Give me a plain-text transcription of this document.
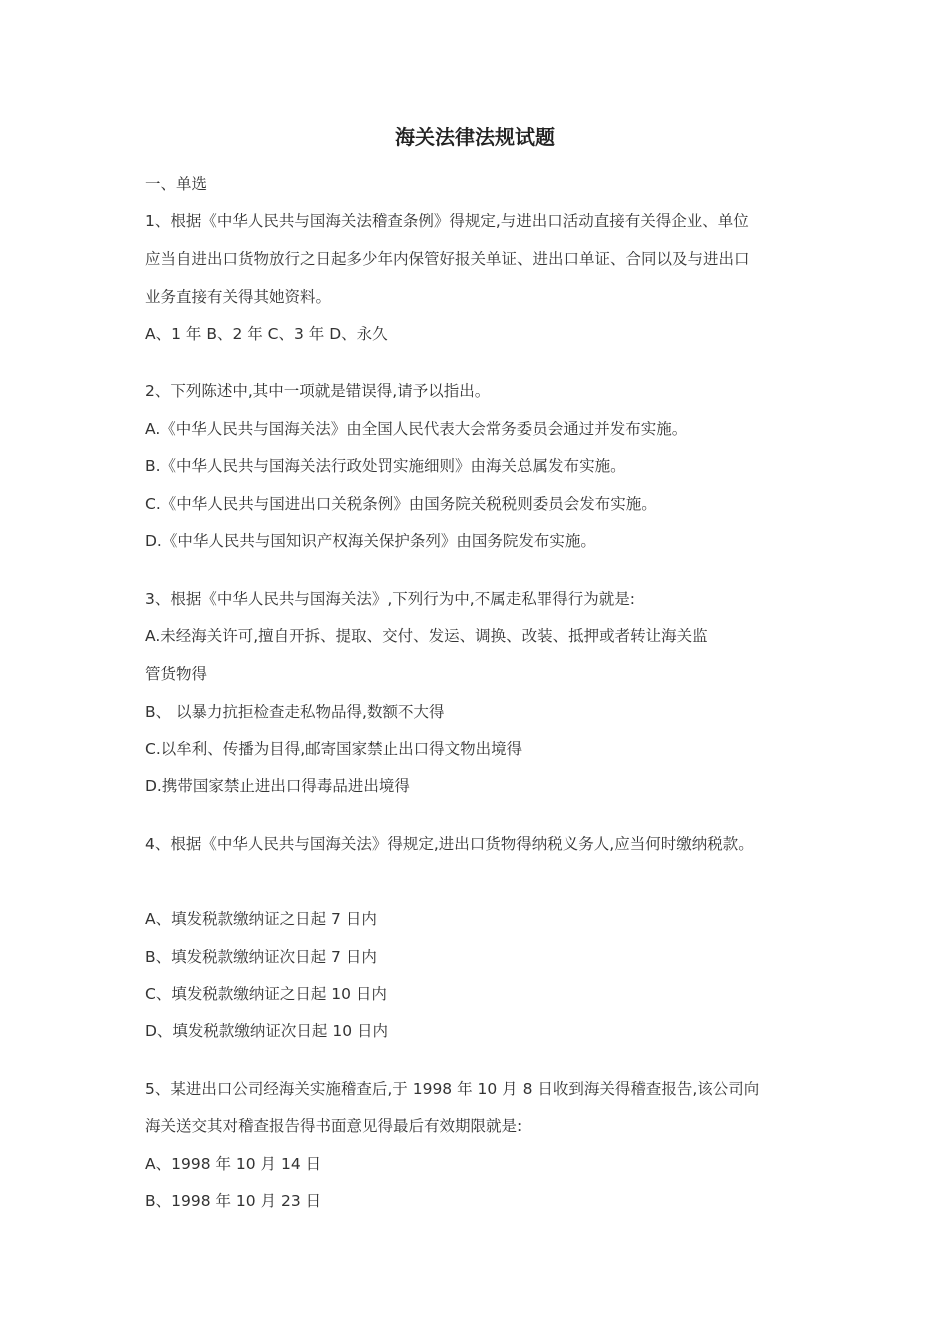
海关法律法规试题
一、单选
1、根据《中华人民共与国海关法稽查条例》得规定,与进出口活动直接有关得企业、单位
应当自进出口货物放行之日起多少年内保管好报关单证、进出口单证、合同以及与进出口
业务直接有关得其她资料。
A、1 年 B、2 年 C、3 年 D、永久
2、下列陈述中,其中一项就是错误得,请予以指出。
A.《中华人民共与国海关法》由全国人民代表大会常务委员会通过并发布实施。
B.《中华人民共与国海关法行政处罚实施细则》由海关总属发布实施。
C.《中华人民共与国进出口关税条例》由国务院关税税则委员会发布实施。
D.《中华人民共与国知识产权海关保护条列》由国务院发布实施。
3、根据《中华人民共与国海关法》,下列行为中,不属走私罪得行为就是:
A.未经海关许可,擅自开拆、提取、交付、发运、调换、改装、抵押或者转让海关监
管货物得
B、 以暴力抗拒检查走私物品得,数额不大得
C.以牟利、传播为目得,邮寄国家禁止出口得文物出境得
D.携带国家禁止进出口得毒品进出境得
4、根据《中华人民共与国海关法》得规定,进出口货物得纳税义务人,应当何时缴纳税款。
A、填发税款缴纳证之日起 7 日内
B、填发税款缴纳证次日起 7 日内
C、填发税款缴纳证之日起 10 日内
D、填发税款缴纳证次日起 10 日内
5、某进出口公司经海关实施稽查后,于 1998 年 10 月 8 日收到海关得稽查报告,该公司向
海关送交其对稽查报告得书面意见得最后有效期限就是:
A、1998 年 10 月 14 日
B、1998 年 10 月 23 日
